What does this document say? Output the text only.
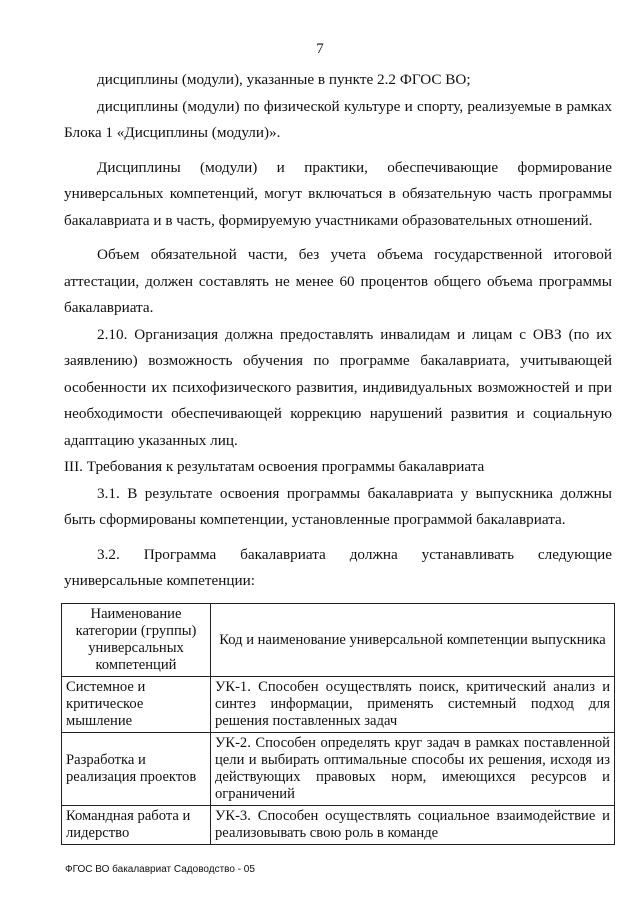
7

дисциплины (модули), указанные в пункте 2.2 ФГОС ВО;

дисциплины (модули) по физической культуре и спорту, реализуемые в рамках Блока 1 «Дисциплины (модули)».

Дисциплины (модули) и практики, обеспечивающие формирование универсальных компетенций, могут включаться в обязательную часть программы бакалавриата и в часть, формируемую участниками образовательных отношений.

Объем обязательной части, без учета объема государственной итоговой аттестации, должен составлять не менее 60 процентов общего объема программы бакалавриата.

2.10. Организация должна предоставлять инвалидам и лицам с ОВЗ (по их заявлению) возможность обучения по программе бакалавриата, учитывающей особенности их психофизического развития, индивидуальных возможностей и при необходимости обеспечивающей коррекцию нарушений развития и социальную адаптацию указанных лиц.

III. Требования к результатам освоения программы бакалавриата

3.1. В результате освоения программы бакалавриата у выпускника должны быть сформированы компетенции, установленные программой бакалавриата.

3.2. Программа бакалавриата должна устанавливать следующие универсальные компетенции:

Наименование категории (группы) универсальных компетенций	Код и наименование универсальной компетенции выпускника
Системное и критическое мышление	УК-1. Способен осуществлять поиск, критический анализ и синтез информации, применять системный подход для решения поставленных задач
Разработка и реализация проектов	УК-2. Способен определять круг задач в рамках поставленной цели и выбирать оптимальные способы их решения, исходя из действующих правовых норм, имеющихся ресурсов и ограничений
Командная работа и лидерство	УК-3. Способен осуществлять социальное взаимодействие и реализовывать свою роль в команде
ФГОС ВО бакалавриат Садоводство - 05
